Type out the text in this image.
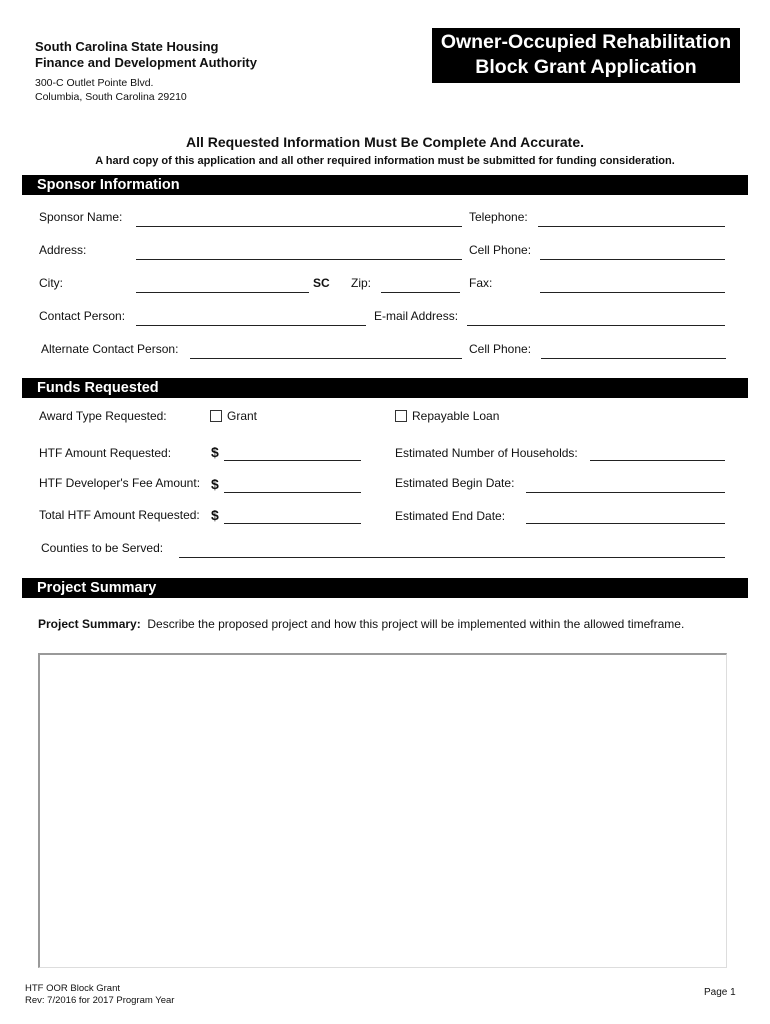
South Carolina State Housing
Finance and Development Authority
300-C Outlet Pointe Blvd.
Columbia, South Carolina 29210
Owner-Occupied Rehabilitation
Block Grant Application
All Requested Information Must Be Complete And Accurate.
A hard copy of this application and all other required information must be submitted for funding consideration.
Sponsor Information
Sponsor Name:	Telephone:
Address:	Cell Phone:
City:	SC Zip:	Fax:
Contact Person:	E-mail Address:
Alternate Contact Person:	Cell Phone:
Funds Requested
Award Type Requested:	Grant	Repayable Loan
HTF Amount Requested:	$	Estimated Number of Households:
HTF Developer's Fee Amount: $	Estimated Begin Date:
Total HTF Amount Requested: $	Estimated End Date:
Counties to be Served:
Project Summary
Project Summary: Describe the proposed project and how this project will be implemented within the allowed timeframe.
HTF OOR Block Grant
Rev: 7/2016 for 2017 Program Year
Page 1
